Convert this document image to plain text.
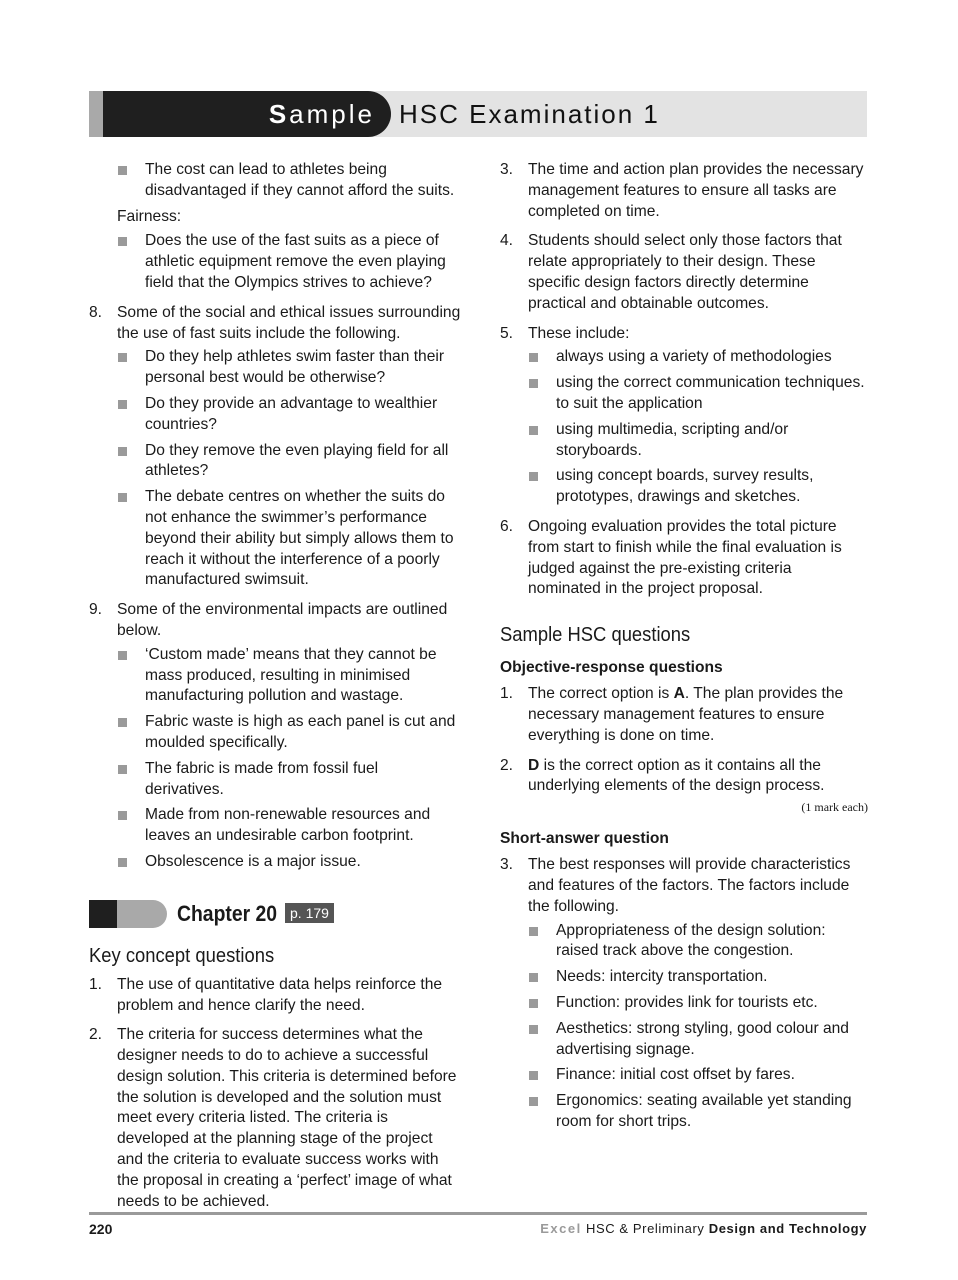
Sample HSC Examination 1
The cost can lead to athletes being disadvantaged if they cannot afford the suits.

Fairness:

Does the use of the fast suits as a piece of athletic equipment remove the even playing field that the Olympics strives to achieve?
8. Some of the social and ethical issues surrounding the use of fast suits include the following.

Do they help athletes swim faster than their personal best would be otherwise?
Do they provide an advantage to wealthier countries?
Do they remove the even playing field for all athletes?
The debate centres on whether the suits do not enhance the swimmer’s performance beyond their ability but simply allows them to reach it without the interference of a poorly manufactured swimsuit.
9. Some of the environmental impacts are outlined below.

‘Custom made’ means that they cannot be mass produced, resulting in minimised manufacturing pollution and wastage.
Fabric waste is high as each panel is cut and moulded specifically.
The fabric is made from fossil fuel derivatives.
Made from non-renewable resources and leaves an undesirable carbon footprint.
Obsolescence is a major issue.
Chapter 20 p. 179
Key concept questions
1. The use of quantitative data helps reinforce the problem and hence clarify the need.

2. The criteria for success determines what the designer needs to do to achieve a successful design solution. This criteria is determined before the solution is developed and the solution must meet every criteria listed. The criteria is developed at the planning stage of the project and the criteria to evaluate success works with the proposal in creating a ‘perfect’ image of what needs to be achieved.

3. The time and action plan provides the necessary management features to ensure all tasks are completed on time.

4. Students should select only those factors that relate appropriately to their design. These specific design factors directly determine practical and obtainable outcomes.

5. These include:

always using a variety of methodologies
using the correct communication techniques. to suit the application
using multimedia, scripting and/or storyboards.
using concept boards, survey results, prototypes, drawings and sketches.
6. Ongoing evaluation provides the total picture from start to finish while the final evaluation is judged against the pre-existing criteria nominated in the project proposal.

Sample HSC questions
Objective-response questions
1. The correct option is A. The plan provides the necessary management features to ensure everything is done on time.

2. D is the correct option as it contains all the underlying elements of the design process.

(1 mark each)
Short-answer question
3. The best responses will provide characteristics and features of the factors. The factors include the following.

Appropriateness of the design solution: raised track above the congestion.
Needs: intercity transportation.
Function: provides link for tourists etc.
Aesthetics: strong styling, good colour and advertising signage.
Finance: initial cost offset by fares.
Ergonomics: seating available yet standing room for short trips.
220	Excel HSC & Preliminary Design and Technology
